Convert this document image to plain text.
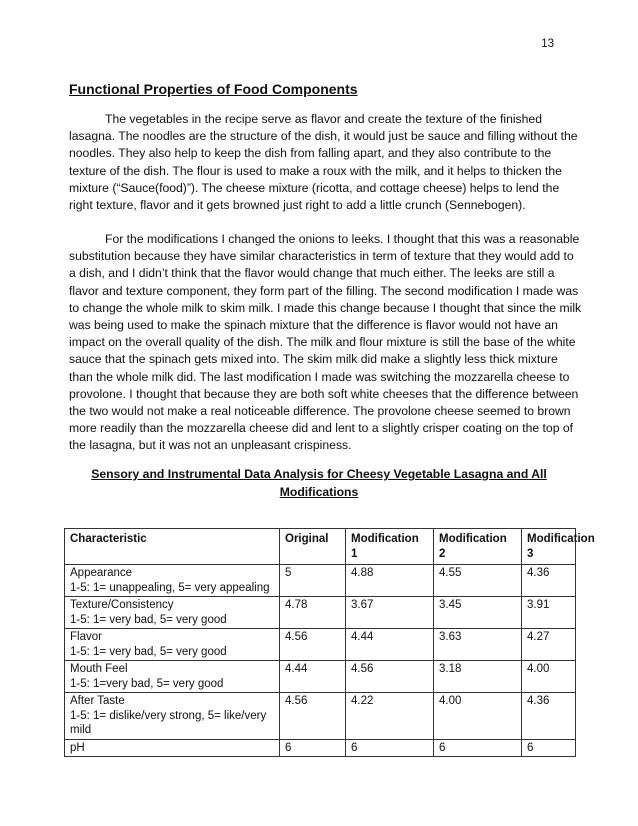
13
Functional Properties of Food Components

The vegetables in the recipe serve as flavor and create the texture of the finished
lasagna. The noodles are the structure of the dish, it would just be sauce and filling without the
noodles. They also help to keep the dish from falling apart, and they also contribute to the
texture of the dish. The flour is used to make a roux with the milk, and it helps to thicken the
mixture (“Sauce(food)”). The cheese mixture (ricotta, and cottage cheese) helps to lend the
right texture, flavor and it gets browned just right to add a little crunch (Sennebogen).

For the modifications I changed the onions to leeks. I thought that this was a reasonable
substitution because they have similar characteristics in term of texture that they would add to
a dish, and I didn’t think that the flavor would change that much either. The leeks are still a
flavor and texture component, they form part of the filling. The second modification I made was
to change the whole milk to skim milk. I made this change because I thought that since the milk
was being used to make the spinach mixture that the difference is flavor would not have an
impact on the overall quality of the dish. The milk and flour mixture is still the base of the white
sauce that the spinach gets mixed into. The skim milk did make a slightly less thick mixture
than the whole milk did. The last modification I made was switching the mozzarella cheese to
provolone. I thought that because they are both soft white cheeses that the difference between
the two would not make a real noticeable difference. The provolone cheese seemed to brown
more readily than the mozzarella cheese did and lent to a slightly crisper coating on the top of
the lasagna, but it was not an unpleasant crispiness.

Sensory and Instrumental Data Analysis for Cheesy Vegetable Lasagna and All
Modifications

Characteristic	Original	Modification 1	Modification 2	Modification 3

Appearance
1-5: 1= unappealing, 5= very appealing	5	4.88	4.55	4.36

Texture/Consistency
1-5: 1= very bad, 5= very good	4.78	3.67	3.45	3.91

Flavor
1-5: 1= very bad, 5= very good	4.56	4.44	3.63	4.27

Mouth Feel
1-5: 1=very bad, 5= very good	4.44	4.56	3.18	4.00

After Taste
1-5: 1= dislike/very strong, 5= like/very mild	4.56	4.22	4.00	4.36

pH	6	6	6	6
